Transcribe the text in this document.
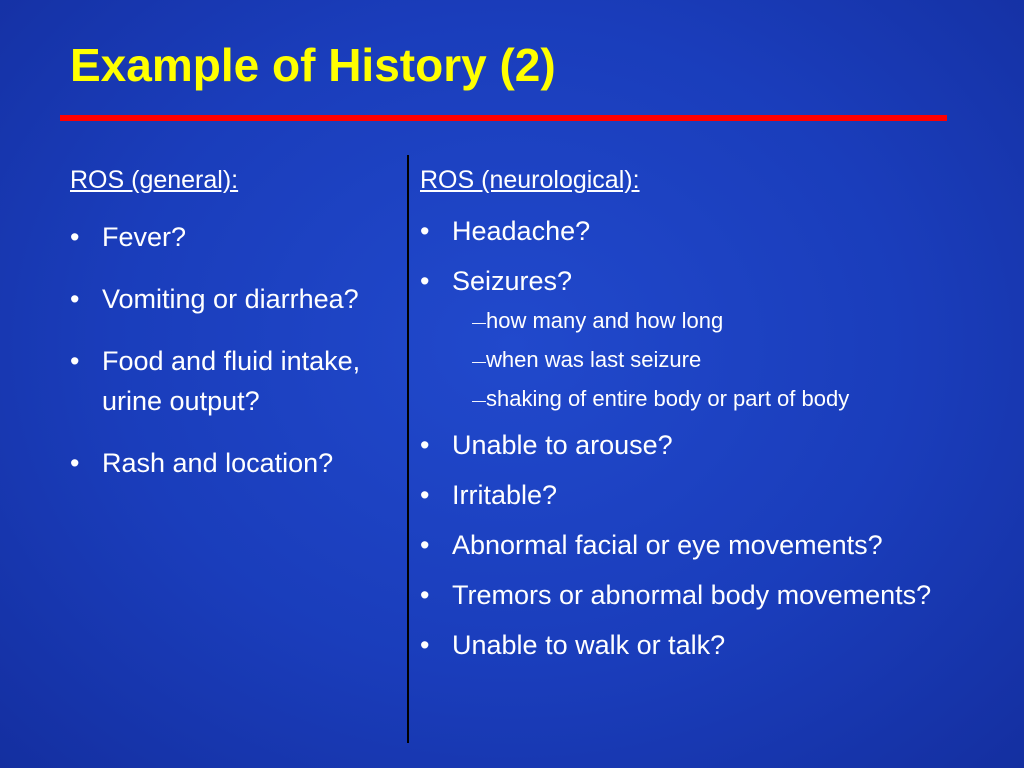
Example of History (2)
ROS (general):
• Fever?
• Vomiting or diarrhea?
• Food and fluid intake, urine output?
• Rash and location?
ROS (neurological):
• Headache?
• Seizures?
—how many and how long
—when was last seizure
—shaking of entire body or part of body
• Unable to arouse?
• Irritable?
• Abnormal facial or eye movements?
• Tremors or abnormal body movements?
• Unable to walk or talk?
